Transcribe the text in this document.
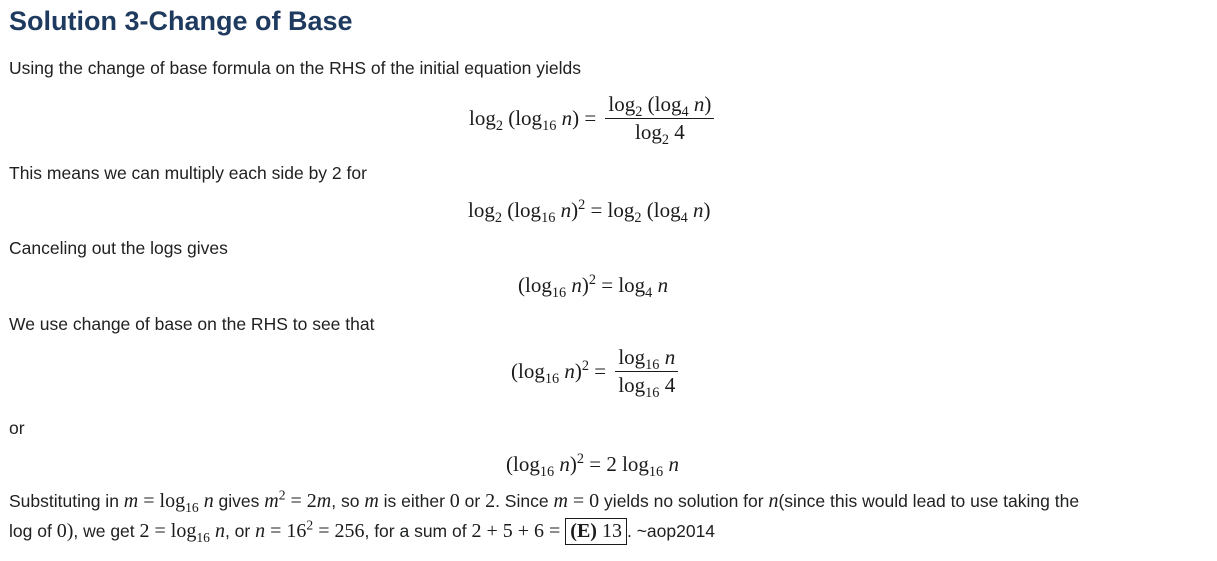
Solution 3-Change of Base

Using the change of base formula on the RHS of the initial equation yields

$\log_2 (\log_{16}$ $n) = \frac{\log_2 (\log_4 n)}{\log_2 4}$

This means we can multiply each side by 2 for

$\log_2 (\log_{16}$ $n)^2 = \log_2 (\log_4$ n)

Canceling out the logs gives

($\log_{16}$ $n)^2 = \log_4 n$

We use change of base on the RHS to see that

($\log_{16}$ $n)^2 = \frac{\log_{16} n}{\log_{16} 4}$

or

($\log_{16}$ n)$^2$ = 2 $\log_{16} n$

Substituting in $m = \log_{16} n$ gives $m^2 = 2m$, so m is either 0 or 2. Since m = 0 yields no solution for n(since this would lead to use taking the

log of 0), we get $2 = \log_{16} n$, or $n = 16^2 = 256$, for a sum of 2 + 5 + 6 = (E) 13 . ~aop2014
